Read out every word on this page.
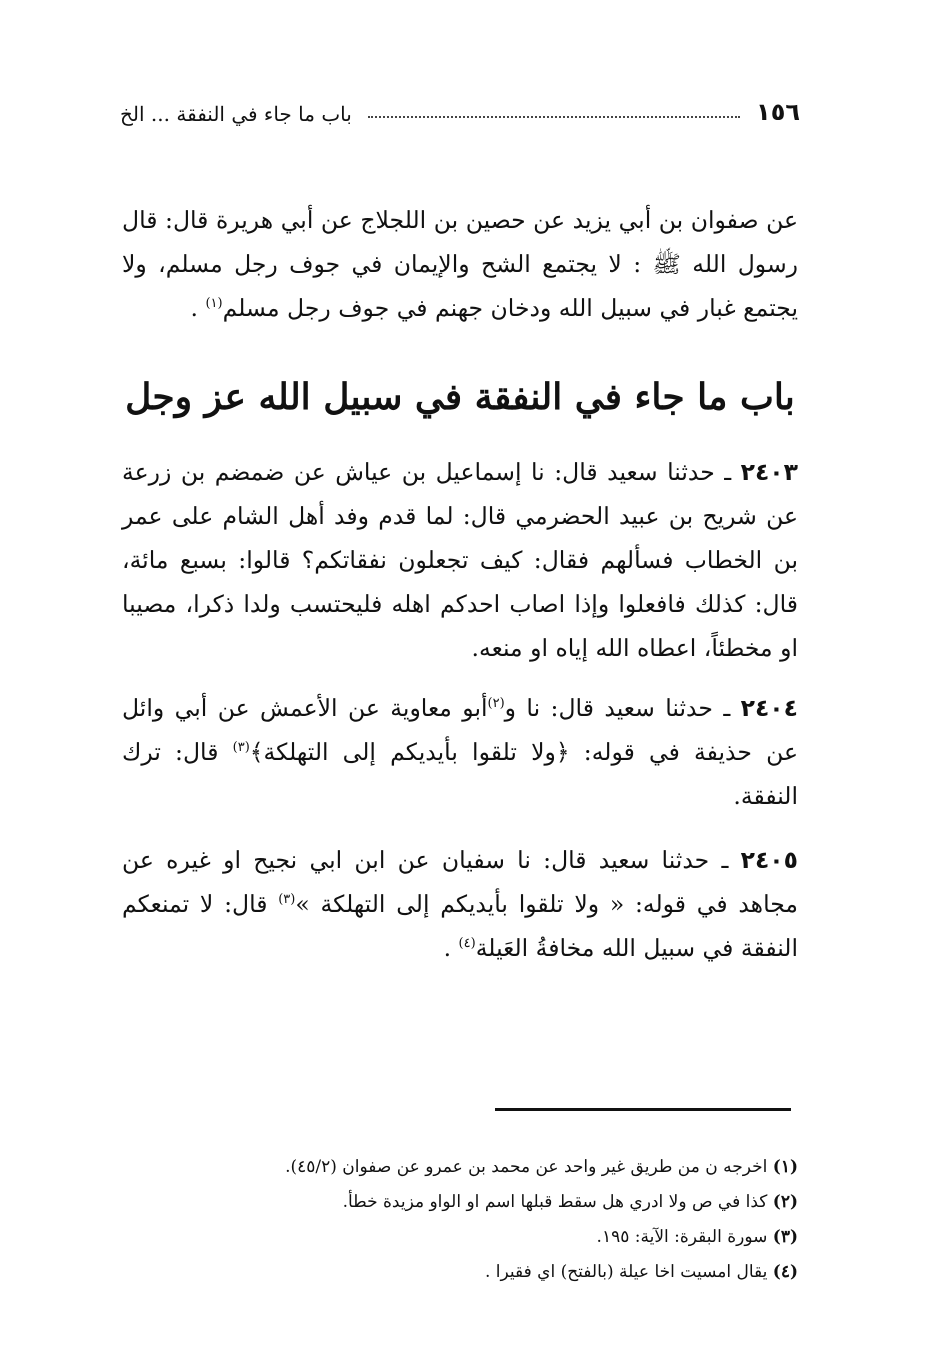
١٥٦
باب ما جاء في النفقة ... الخ

عن صفوان بن أبي يزيد عن حصين بن اللجلاج عن أبي هريرة قال: قال رسول الله ﷺ : لا يجتمع الشح والإيمان في جوف رجل مسلم، ولا يجتمع غبار في سبيل الله ودخان جهنم في جوف رجل مسلم$^{(١)}$ .

باب ما جاء في النفقة في سبيل الله عز وجل

٢٤٠٣ ـ حدثنا سعيد قال: نا إسماعيل بن عياش عن ضمضم بن زرعة عن شريح بن عبيد الحضرمي قال: لما قدم وفد أهل الشام على عمر بن الخطاب فسألهم فقال: كيف تجعلون نفقاتكم؟ قالوا: بسبع مائة، قال: كذلك فافعلوا وإذا اصاب احدكم اهله فليحتسب ولدا ذكرا، مصيبا او مخطئاً، اعطاه الله إياه او منعه.

٢٤٠٤ ـ حدثنا سعيد قال: نا و$^{(٢)}$أبو معاوية عن الأعمش عن أبي وائل عن حذيفة في قوله: ﴿ولا تلقوا بأيديكم إلى التهلكة﴾$^{(٣)}$ قال: ترك النفقة.

٢٤٠٥ ـ حدثنا سعيد قال: نا سفيان عن ابن ابي نجيح او غيره عن مجاهد في قوله: « ولا تلقوا بأيديكم إلى التهلكة »$^{(٣)}$ قال: لا تمنعكم النفقة في سبيل الله مخافةُ العَيلة$^{(٤)}$ .

(١) اخرجه ن من طريق غير واحد عن محمد بن عمرو عن صفوان (٤٥/٢).
(٢) كذا في ص ولا ادري هل سقط قبلها اسم او الواو مزيدة خطأ.
(٣) سورة البقرة: الآية: ١٩٥.
(٤) يقال امسيت اخا عيلة (بالفتح) اي فقيرا .
